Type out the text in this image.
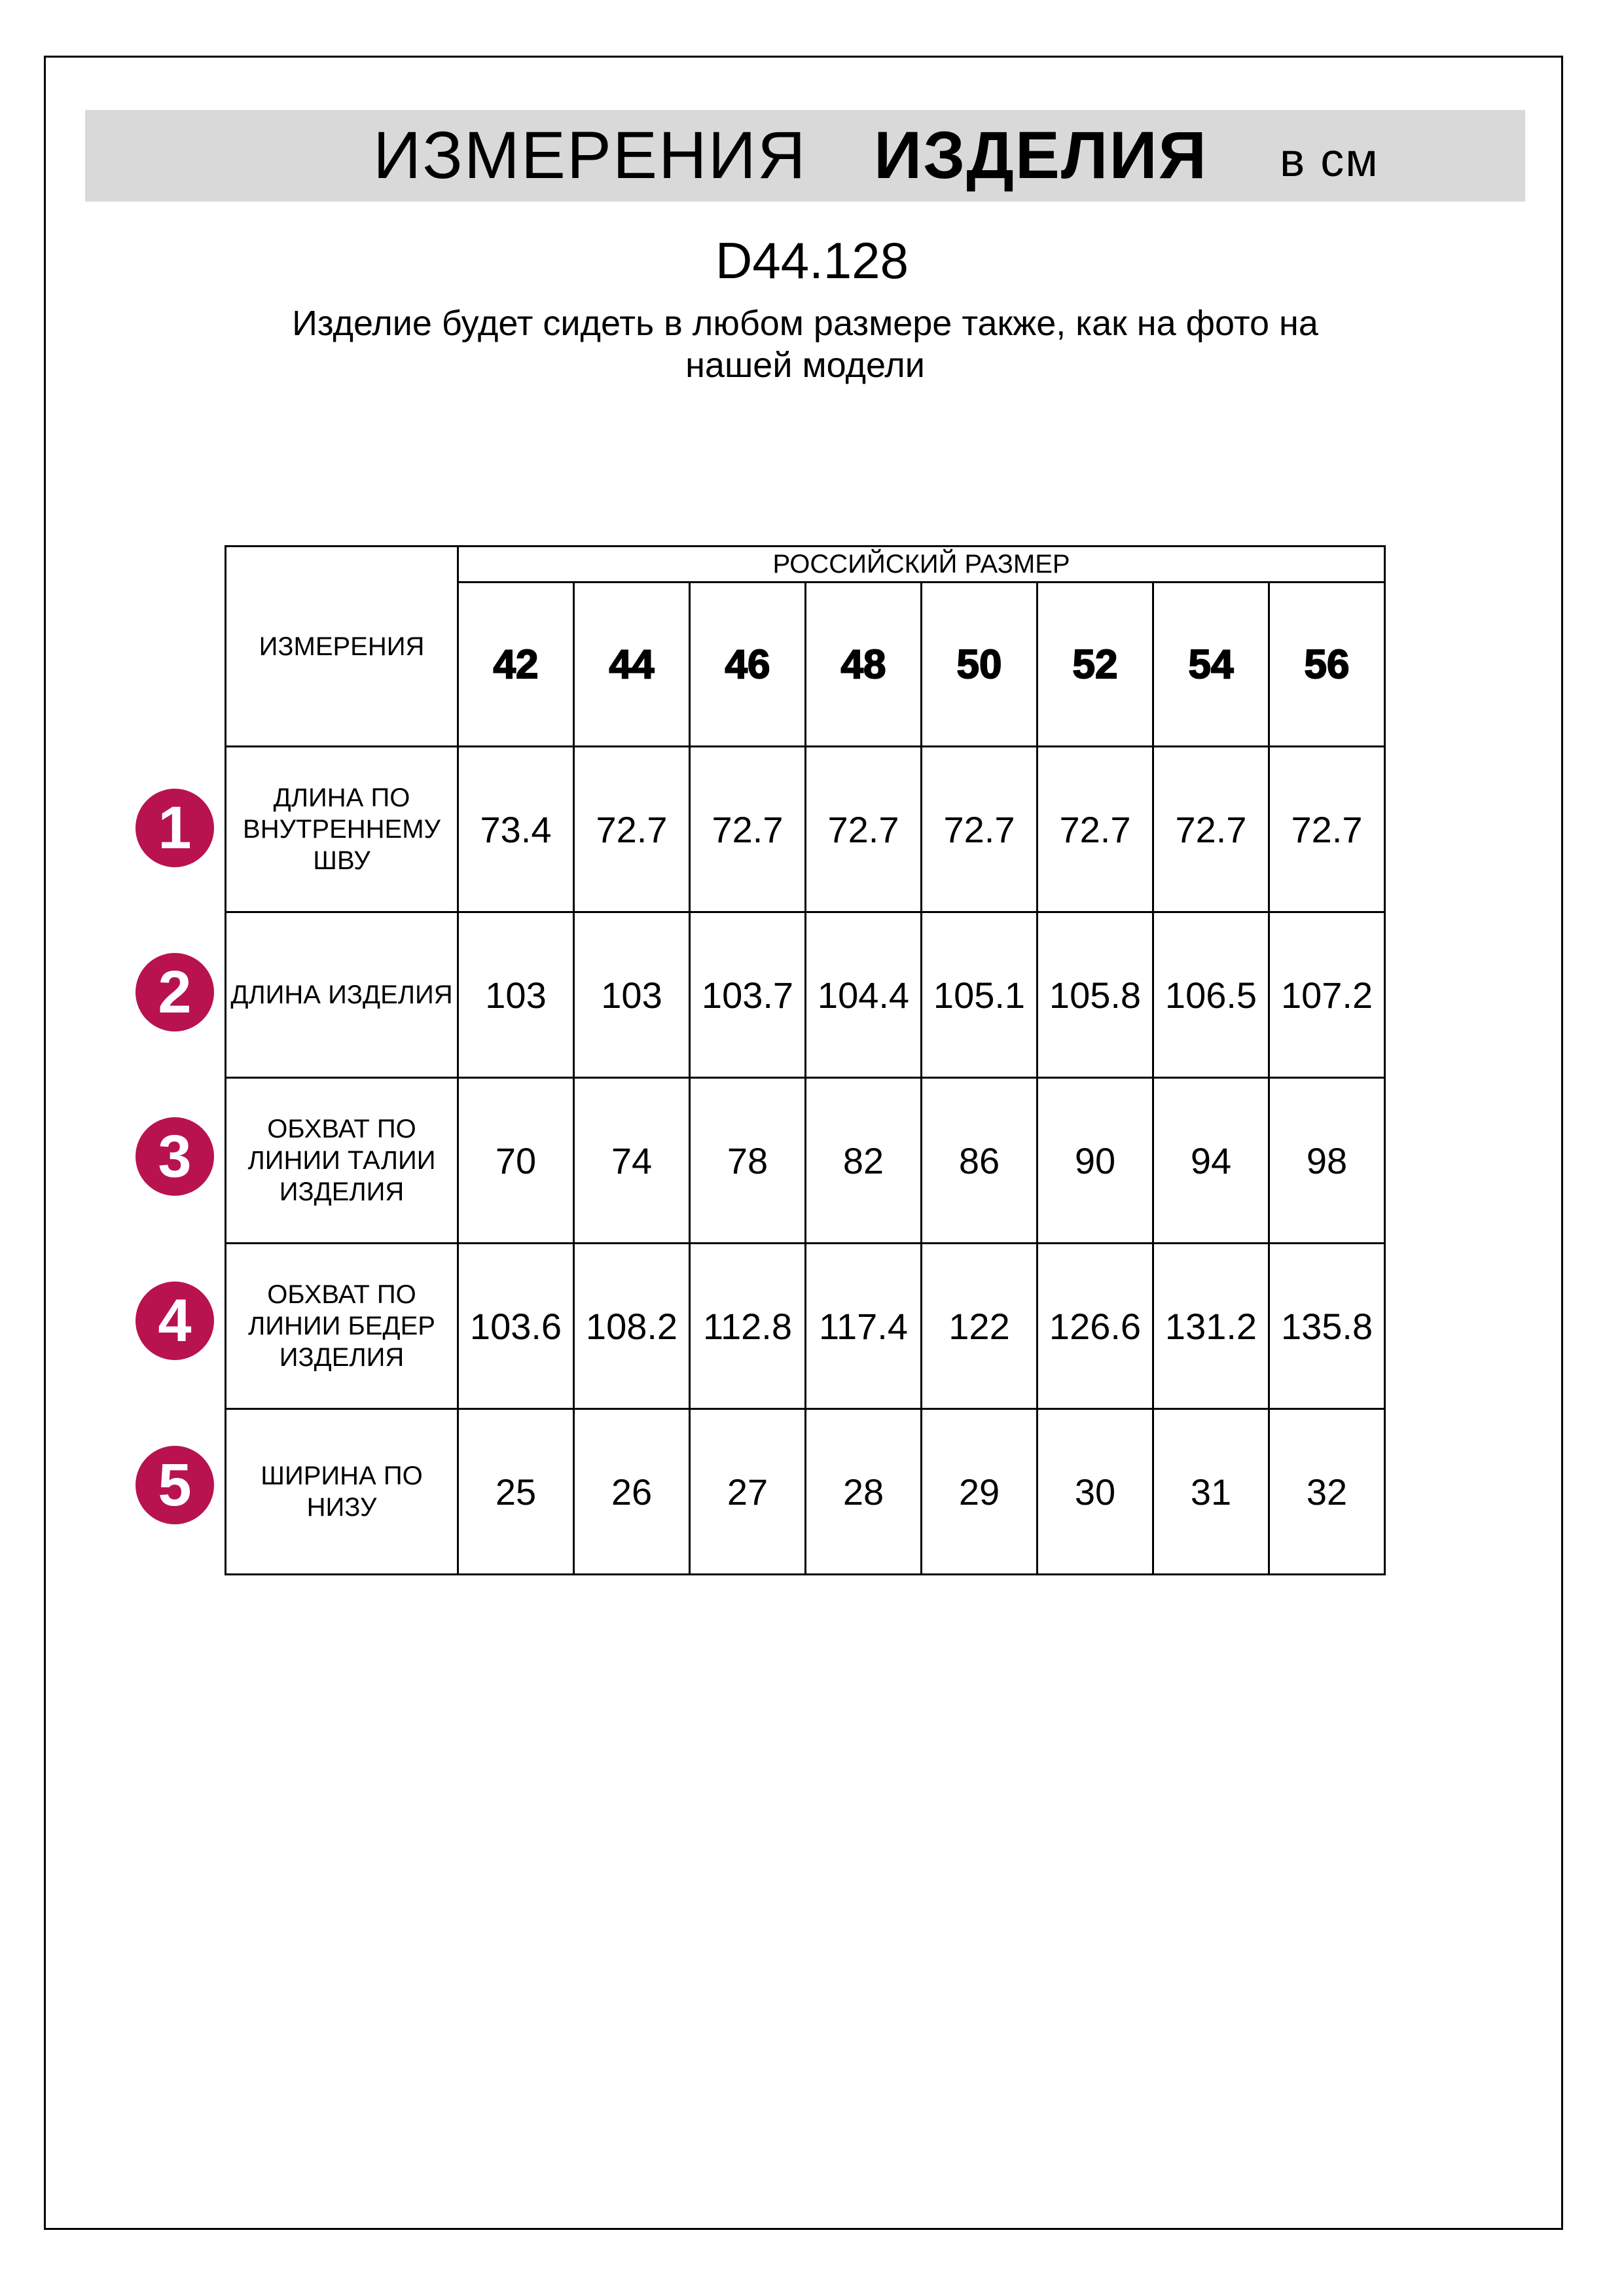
ИЗМЕРЕНИЯ ИЗДЕЛИЯ в см
D44.128
Изделие будет сидеть в любом размере также, как на фото на нашей модели
ИЗМЕРЕНИЯ	РОССИЙСКИЙ РАЗМЕР							
	42	44	46	48	50	52	54	56
ДЛИНА ПО ВНУТРЕННЕМУ ШВУ	73.4	72.7	72.7	72.7	72.7	72.7	72.7	72.7
ДЛИНА ИЗДЕЛИЯ	103	103	103.7	104.4	105.1	105.8	106.5	107.2
ОБХВАТ ПО ЛИНИИ ТАЛИИ ИЗДЕЛИЯ	70	74	78	82	86	90	94	98
ОБХВАТ ПО ЛИНИИ БЕДЕР ИЗДЕЛИЯ	103.6	108.2	112.8	117.4	122	126.6	131.2	135.8
ШИРИНА ПО НИЗУ	25	26	27	28	29	30	31	32
1
2
3
4
5
